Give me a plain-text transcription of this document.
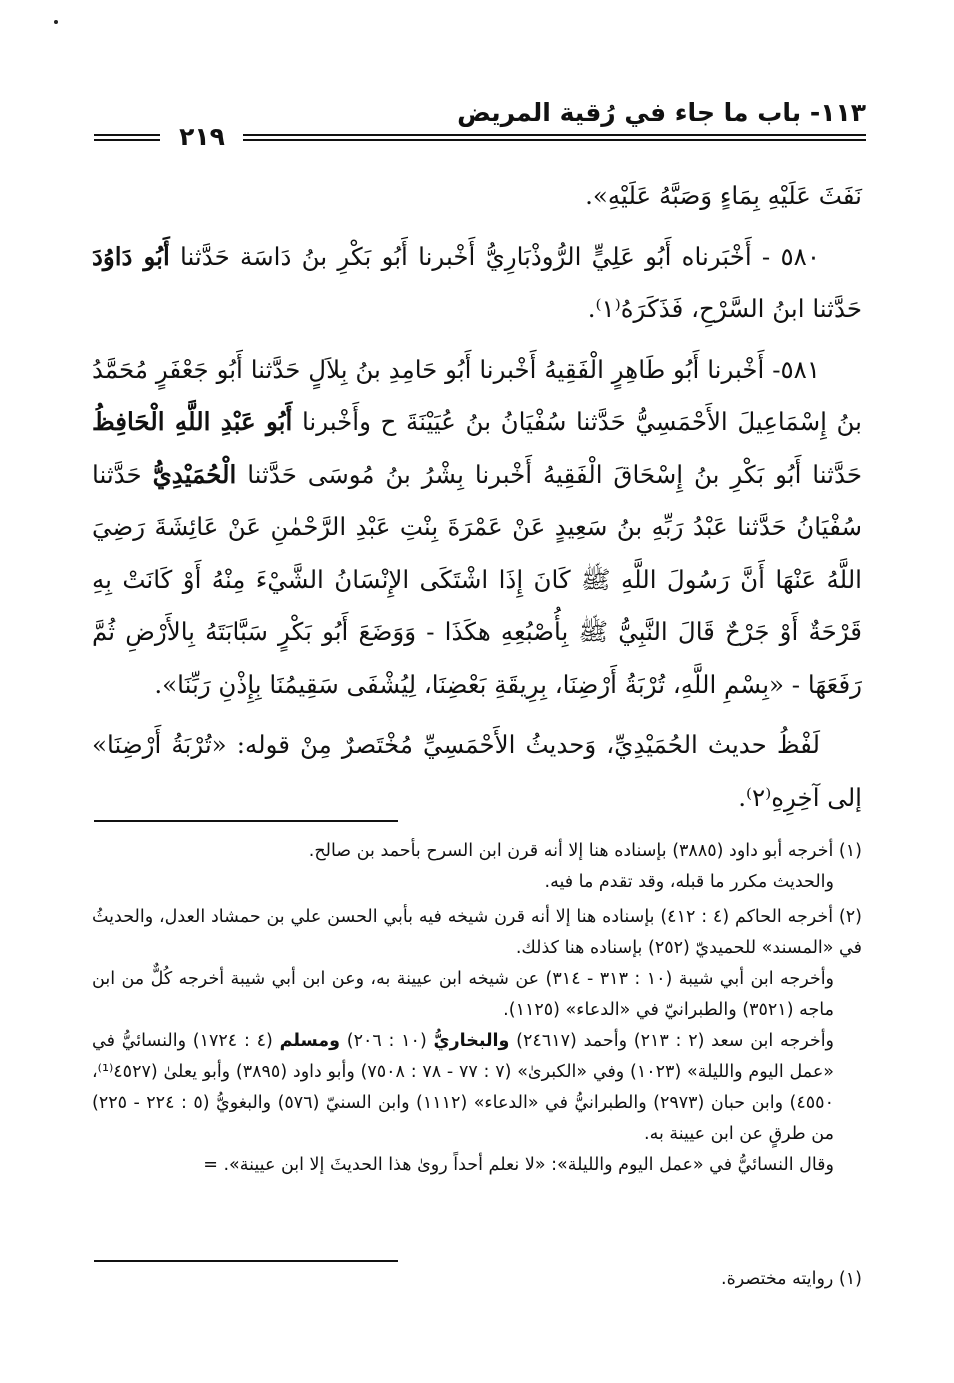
١١٣- باب ما جاء في رُقية المريض
٢١٩

نَفَثَ عَلَيْهِ بِمَاءٍ وَصَبَّهُ عَلَيْهِ».

٥٨٠ - أَخْبَرناه أَبُو عَلِيٍّ الرُّوذْبَارِيُّ أَخْبرنا أَبُو بَكْرِ بنُ دَاسَة حَدَّثنا أَبُو دَاوُدَ حَدَّثنا ابنُ السَّرْحِ، فَذَكَرَهُ⁽١⁾.

٥٨١- أَخْبرنا أَبُو طَاهِرٍ الْفَقِيهُ أَخْبرنا أَبُو حَامِدِ بنُ بِلاَلٍ حَدَّثنا أَبُو جَعْفَرٍ مُحَمَّدُ بنُ إِسْمَاعِيلَ الأَحْمَسِيُّ حَدَّثنا سُفْيَانُ بنُ عُيَيْنَةَ ح وأَخْبرنا أَبُو عَبْدِ اللَّهِ الْحَافِظُ حَدَّثنا أَبُو بَكْرِ بنُ إِسْحَاقَ الْفَقِيهُ أَخْبرنا بِشْرُ بنُ مُوسَى حَدَّثنا الْحُمَيْدِيُّ حَدَّثنا سُفْيَانُ حَدَّثنا عَبْدُ رَبِّهِ بنُ سَعِيدٍ عَنْ عَمْرَةَ بِنْتِ عَبْدِ الرَّحْمٰنِ عَنْ عَائِشَةَ رَضِيَ اللَّهُ عَنْهَا أَنَّ رَسُولَ اللَّهِ ﷺ كَانَ إِذَا اشْتَكَى الإِنْسَانُ الشَّيْءَ مِنْهُ أَوْ كَانَتْ بِهِ قَرْحَةٌ أَوْ جَرْحٌ قَالَ النَّبِيُّ ﷺ بِأُصْبُعِهِ هكَذَا - وَوَضَعَ أَبُو بَكْرٍ سَبَّابَتَهُ بِالأَرْضِ ثُمَّ رَفَعَهَا - «بِسْمِ اللَّهِ، تُرْبَةُ أَرْضِنَا، بِرِيقَةِ بَعْضِنَا، لِيُشْفَى سَقِيمُنَا بِإِذْنِ رَبِّنَا».

لَفْظُ حديث الحُمَيْدِيِّ، وَحديثُ الأَحْمَسِيِّ مُخْتَصرٌ مِنْ قوله: «تُرْبَةُ أَرْضِنَا» إلى آخِرِهِ⁽٢⁾.

(١) أخرجه أبو داود (٣٨٨٥) بإسناده هنا إلا أنه قرن ابن السرح بأحمد بن صالح.

والحديث مكرر ما قبله، وقد تقدم ما فيه.

(٢) أخرجه الحاكم (٤ : ٤١٢) بإسناده هنا إلا أنه قرن شيخه فيه بأبي الحسن علي بن حمشاد العدل، والحديثُ في «المسند» للحميديّ (٢٥٢) بإسناده هنا كذلك.

وأخرجه ابن أبي شيبة (١٠ : ٣١٣ - ٣١٤) عن شيخه ابن عيينة به، وعن ابن أبي شيبة أخرجه كُلٌّ من ابن ماجه (٣٥٢١) والطبرانيّ في «الدعاء» (١١٢٥).

وأخرجه ابن سعد (٢ : ٢١٣) وأحمد (٢٤٦١٧) والبخاريُّ (١٠ : ٢٠٦) ومسلم (٤ : ١٧٢٤) والنسائيُّ في «عمل اليوم والليلة» (١٠٢٣) وفي «الكبرىٰ» (٧ : ٧٧ - ٧٨ : ٧٥٠٨) وأبو داود (٣٨٩٥) وأبو يعلىٰ (٤٥٢٧⁽¹⁾، ٤٥٥٠) وابن حبان (٢٩٧٣) والطبرانيُّ في «الدعاء» (١١١٢) وابن السنيّ (٥٧٦) والبغويُّ (٥ : ٢٢٤ - ٢٢٥) من طرقٍ عن ابن عيينة به.

وقال النسائيُّ في «عمل اليوم والليلة»: «لا نعلم أحداً روىٰ هذا الحديثَ إلا ابن عيينة». =

(١) روايته مختصرة.
